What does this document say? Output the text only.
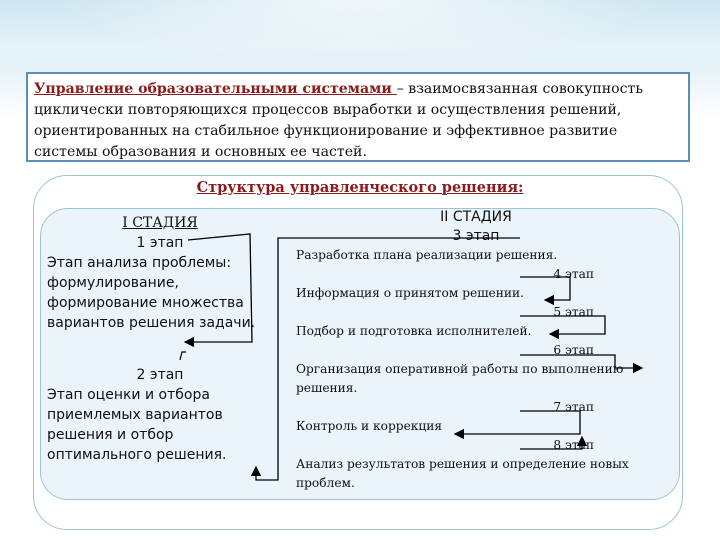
Управление образовательными системами – взаимосвязанная совокупность циклически повторяющихся процессов выработки и осуществления решений, ориентированных на стабильное функционирование и эффективное развитие системы образования и основных ее частей.
Структура управленческого решения:
I СТАДИЯ
1 этап
Этап анализа проблемы: формулирование, формирование множества вариантов решения задачи.
2 этап
Этап оценки и отбора приемлемых вариантов решения и отбор оптимального решения.
II СТАДИЯ
3 этап
Разработка плана реализации решения.
4 этап
Информация о принятом решении.
5 этап
Подбор и подготовка исполнителей.
6 этап
Организация оперативной работы по выполнению решения.
7 этап
Контроль и коррекция
8 этап
Анализ результатов решения и определение новых проблем.
